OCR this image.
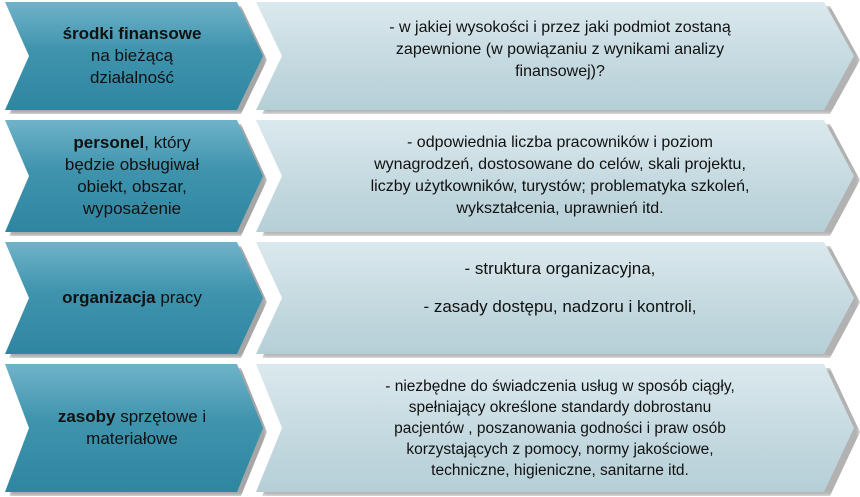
środki finansowe
na bieżącą działalność
- w jakiej wysokości i przez jaki podmiot zostaną
zapewnione (w powiązaniu z wynikami analizy
finansowej)?
personel, który będzie obsługiwał obiekt, obszar, wyposażenie
- odpowiednia liczba pracowników i poziom
wynagrodzeń, dostosowane do celów, skali projektu,
liczby użytkowników, turystów; problematyka szkoleń,
wykształcenia, uprawnień itd.
organizacja pracy
- struktura organizacyjna,
- zasady dostępu, nadzoru i kontroli,
zasoby sprzętowe i materiałowe
- niezbędne do świadczenia usług w sposób ciągły,
spełniający określone standardy dobrostanu
pacjentów , poszanowania godności i praw osób
korzystających z pomocy, normy jakościowe,
techniczne, higieniczne, sanitarne itd.
